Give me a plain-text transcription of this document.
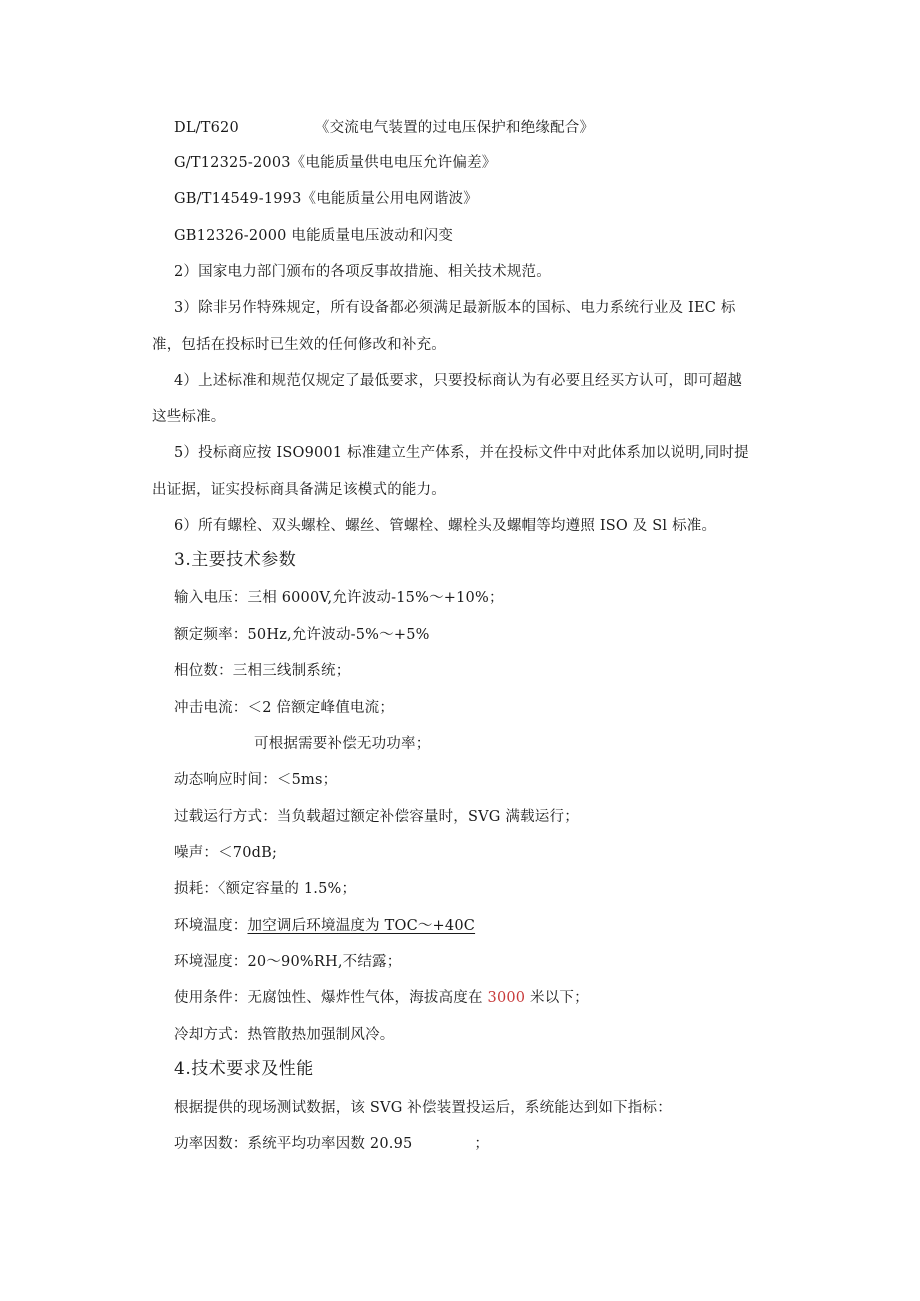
DL/T620	《交流电气装置的过电压保护和绝缘配合》
G/T12325-2003《电能质量供电电压允许偏差》
GB/T14549-1993《电能质量公用电网谐波》
GB12326-2000 电能质量电压波动和闪变
2）国家电力部门颁布的各项反事故措施、相关技术规范。
3）除非另作特殊规定，所有设备都必须满足最新版本的国标、电力系统行业及 IEC 标
准，包括在投标时已生效的任何修改和补充。
4）上述标准和规范仅规定了最低要求，只要投标商认为有必要且经买方认可，即可超越
这些标准。
5）投标商应按 ISO9001 标准建立生产体系，并在投标文件中对此体系加以说明,同时提
出证据，证实投标商具备满足该模式的能力。
6）所有螺栓、双头螺栓、螺丝、管螺栓、螺栓头及螺帽等均遵照 ISO 及 Sl 标准。
3.主要技术参数
输入电压：三相 6000V,允许波动-15%～+10%；
额定频率：50Hz,允许波动-5%～+5%
相位数：三相三线制系统；
冲击电流：＜2 倍额定峰值电流；
可根据需要补偿无功功率；
动态响应时间：＜5ms；
过载运行方式：当负载超过额定补偿容量时，SVG 满载运行；
噪声：＜70dB;
损耗：〈额定容量的 1.5%；
环境温度：加空调后环境温度为 TOC～+40C
环境湿度：20～90%RH,不结露；
使用条件：无腐蚀性、爆炸性气体，海拔高度在 3000 米以下；
冷却方式：热管散热加强制风冷。
4.技术要求及性能
根据提供的现场测试数据，该 SVG 补偿装置投运后，系统能达到如下指标：
功率因数：系统平均功率因数 20.95	；
